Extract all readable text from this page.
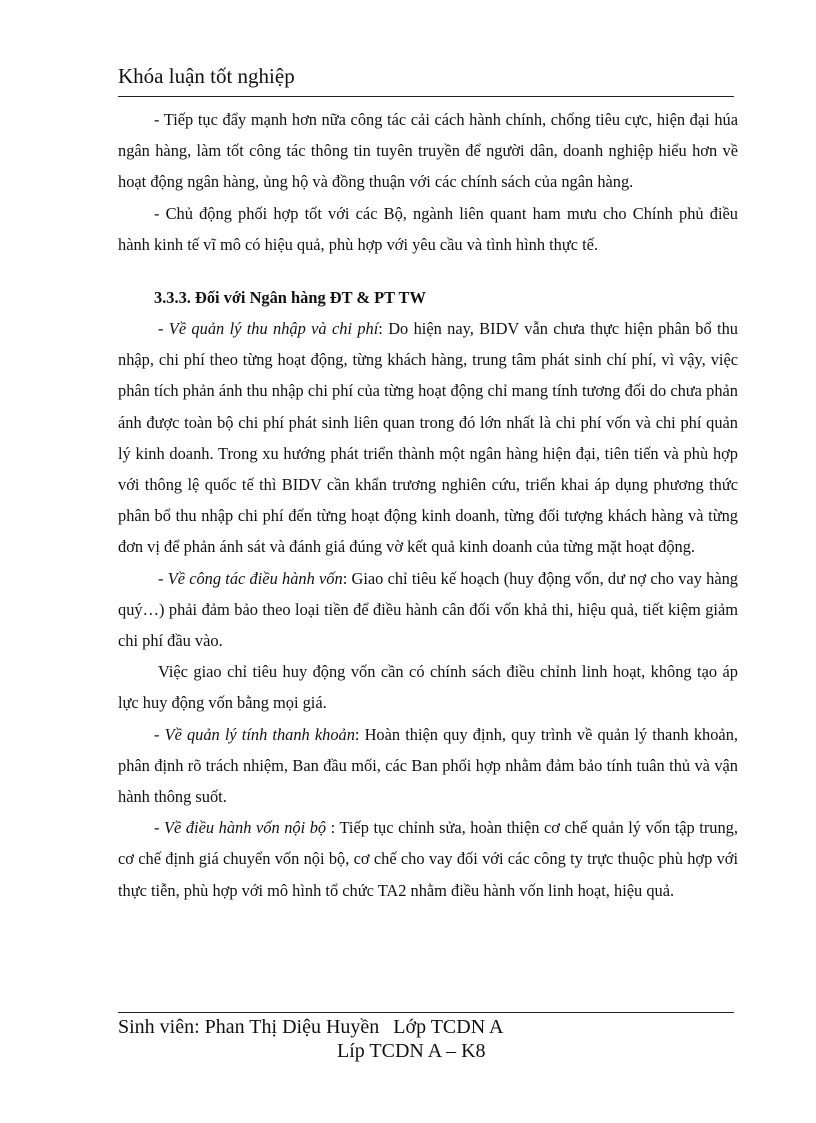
Khóa luận tốt nghiệp

- Tiếp tục đẩy mạnh hơn nữa công tác cải cách hành chính, chống tiêu cực, hiện đại húa ngân hàng, làm tốt công tác thông tin tuyên truyền để người dân, doanh nghiệp hiểu hơn về hoạt động ngân hàng, ủng hộ và đồng thuận với các chính sách của ngân hàng.

- Chủ động phối hợp tốt với các Bộ, ngành liên quant ham mưu cho Chính phủ điều hành kinh tế vĩ mô có hiệu quả, phù hợp với yêu cầu và tình hình thực tế.

3.3.3. Đối với Ngân hàng ĐT & PT TW

- Về quản lý thu nhập và chi phí: Do hiện nay, BIDV vẫn chưa thực hiện phân bổ thu nhập, chi phí theo từng hoạt động, từng khách hàng, trung tâm phát sinh chí phí, vì vậy, việc phân tích phản ánh thu nhập chi phí của từng hoạt động chỉ mang tính tương đối do chưa phản ánh được toàn bộ chi phí phát sinh liên quan trong đó lớn nhất là chi phí vốn và chi phí quản lý kinh doanh. Trong xu hướng phát triển thành một ngân hàng hiện đại, tiên tiến và phù hợp với thông lệ quốc tế thì BIDV cần khẩn trương nghiên cứu, triển khai áp dụng phương thức phân bổ thu nhập chi phí đến từng hoạt động kinh doanh, từng đối tượng khách hàng và từng đơn vị để phản ánh sát và đánh giá đúng vờ kết quả kinh doanh của từng mặt hoạt động.

- Về công tác điều hành vốn: Giao chỉ tiêu kế hoạch (huy động vốn, dư nợ cho vay hàng quý…) phải đảm bảo theo loại tiền để điều hành cân đối vốn khả thi, hiệu quả, tiết kiệm giảm chi phí đầu vào.

Việc giao chỉ tiêu huy động vốn cần có chính sách điều chỉnh linh hoạt, không tạo áp lực huy động vốn bằng mọi giá.

- Về quản lý tính thanh khoản: Hoàn thiện quy định, quy trình về quản lý thanh khoản, phân định rõ trách nhiệm, Ban đầu mối, các Ban phối hợp nhằm đảm bảo tính tuân thủ và vận hành thông suốt.

- Về điều hành vốn nội bộ : Tiếp tục chỉnh sửa, hoàn thiện cơ chế quản lý vốn tập trung, cơ chế định giá chuyển vốn nội bộ, cơ chế cho vay đối với các công ty trực thuộc phù hợp với thực tiễn, phù hợp với mô hình tổ chức TA2 nhằm điều hành vốn linh hoạt, hiệu quả.

Sinh viên: Phan Thị Diệu Huyền Lớp TCDN A
Líp TCDN A – K8
